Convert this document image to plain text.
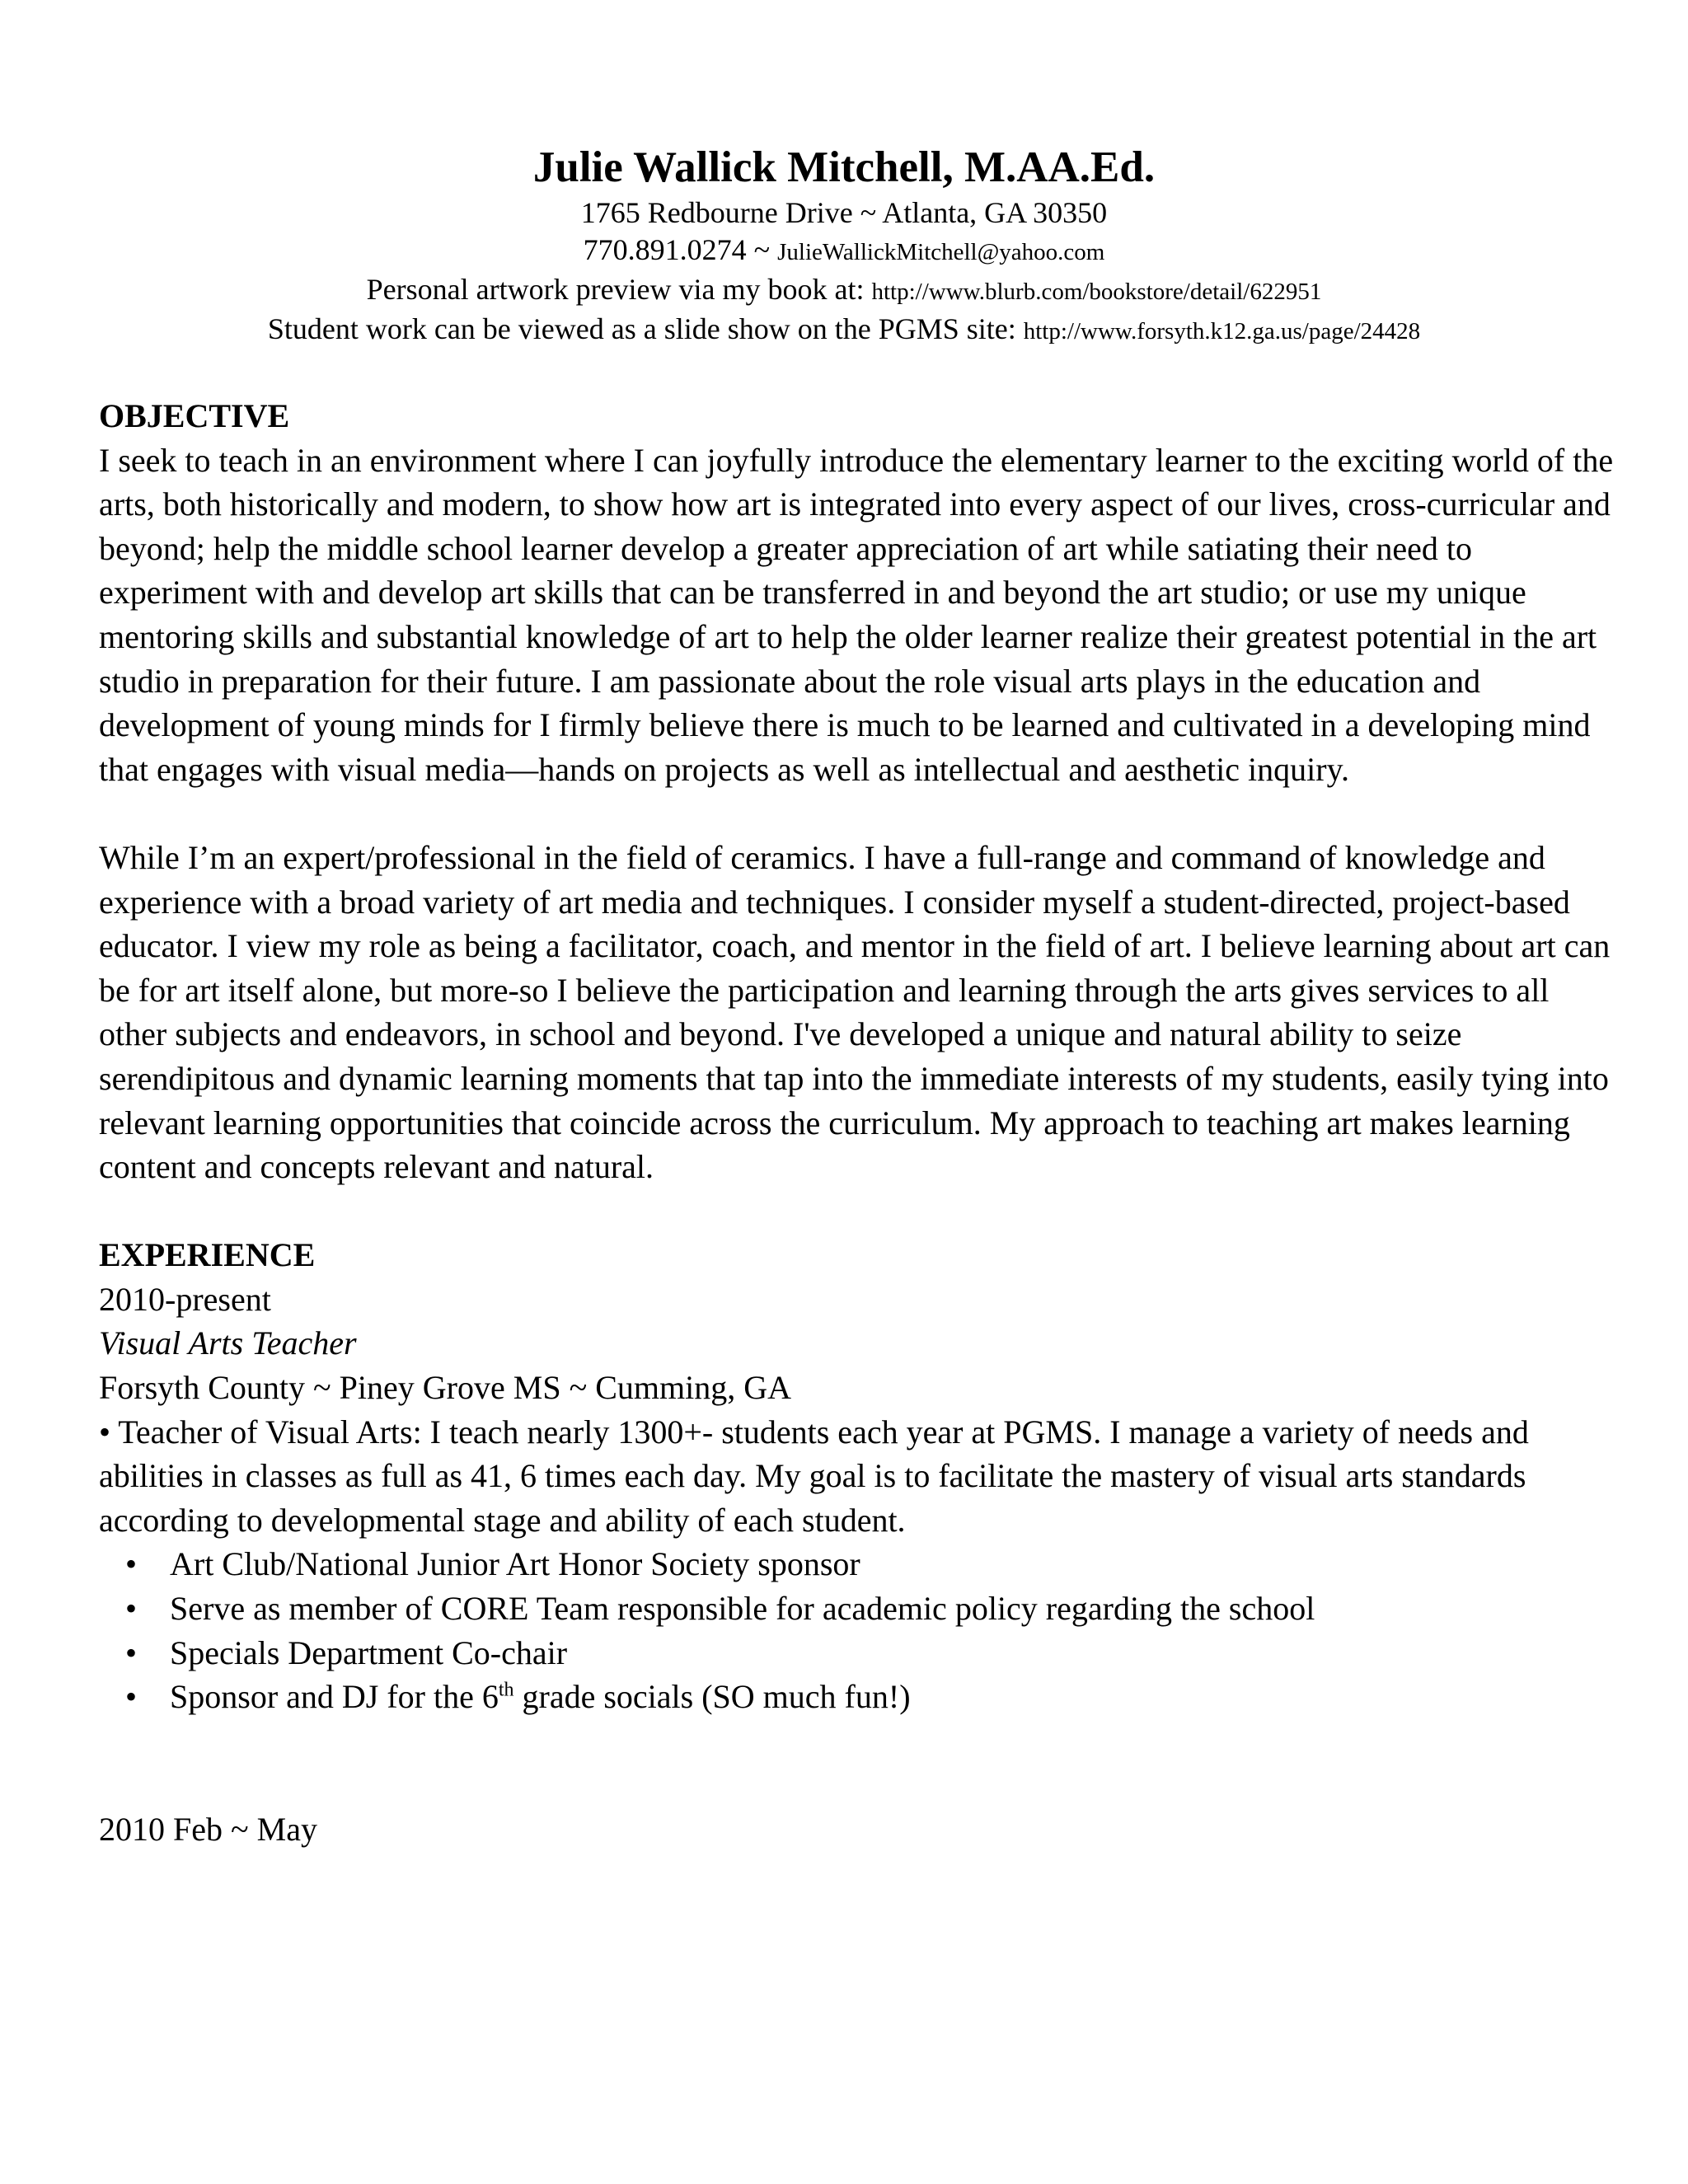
Julie Wallick Mitchell, M.AA.Ed.

1765 Redbourne Drive ~ Atlanta, GA 30350

770.891.0274 ~ JulieWallickMitchell@yahoo.com

Personal artwork preview via my book at: http://www.blurb.com/bookstore/detail/622951

Student work can be viewed as a slide show on the PGMS site: http://www.forsyth.k12.ga.us/page/24428

OBJECTIVE

I seek to teach in an environment where I can joyfully introduce the elementary learner to the exciting world of the arts, both historically and modern, to show how art is integrated into every aspect of our lives, cross-curricular and beyond; help the middle school learner develop a greater appreciation of art while satiating their need to experiment with and develop art skills that can be transferred in and beyond the art studio; or use my unique mentoring skills and substantial knowledge of art to help the older learner realize their greatest potential in the art studio in preparation for their future. I am passionate about the role visual arts plays in the education and development of young minds for I firmly believe there is much to be learned and cultivated in a developing mind that engages with visual media—hands on projects as well as intellectual and aesthetic inquiry.

While I’m an expert/professional in the field of ceramics. I have a full-range and command of knowledge and experience with a broad variety of art media and techniques. I consider myself a student-directed, project-based educator. I view my role as being a facilitator, coach, and mentor in the field of art. I believe learning about art can be for art itself alone, but more-so I believe the participation and learning through the arts gives services to all other subjects and endeavors, in school and beyond. I've developed a unique and natural ability to seize serendipitous and dynamic learning moments that tap into the immediate interests of my students, easily tying into relevant learning opportunities that coincide across the curriculum. My approach to teaching art makes learning content and concepts relevant and natural.

EXPERIENCE

2010-present

Visual Arts Teacher

Forsyth County ~ Piney Grove MS ~ Cumming, GA

• Teacher of Visual Arts: I teach nearly 1300+- students each year at PGMS. I manage a variety of needs and abilities in classes as full as 41, 6 times each day. My goal is to facilitate the mastery of visual arts standards according to developmental stage and ability of each student.

• Art Club/National Junior Art Honor Society sponsor
• Serve as member of CORE Team responsible for academic policy regarding the school
• Specials Department Co-chair
• Sponsor and DJ for the 6th grade socials (SO much fun!)

2010 Feb ~ May
